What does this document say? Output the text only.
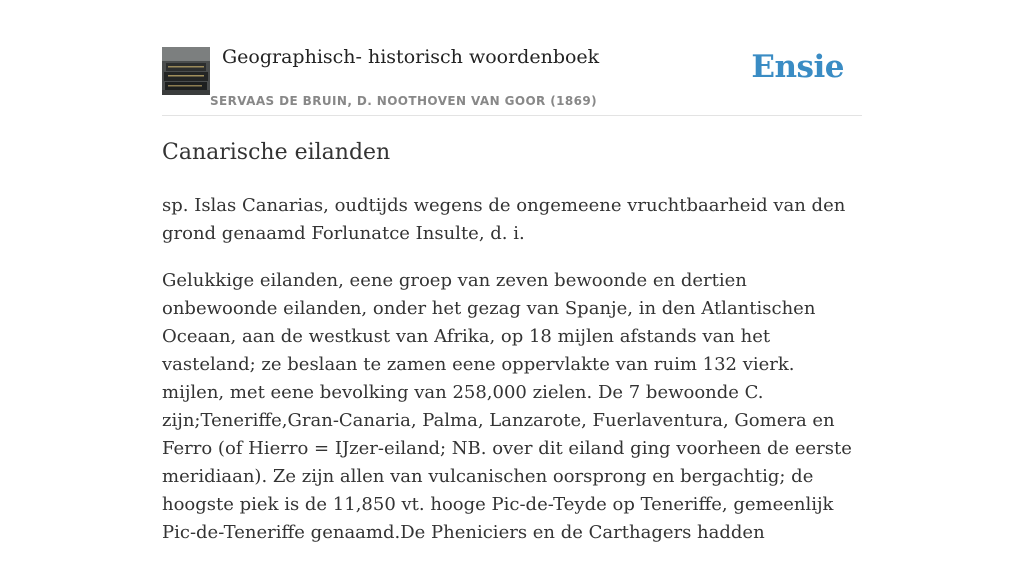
Geographisch- historisch woordenboek
SERVAAS DE BRUIN, D. NOOTHOVEN VAN GOOR (1869)
Ensie
Canarische eilanden

sp. Islas Canarias, oudtijds wegens de ongemeene vruchtbaarheid van den grond genaamd Forlunatce Insulte, d. i.

Gelukkige eilanden, eene groep van zeven bewoonde en dertien onbewoonde eilanden, onder het gezag van Spanje, in den Atlantischen Oceaan, aan de westkust van Afrika, op 18 mijlen afstands van het vasteland; ze beslaan te zamen eene oppervlakte van ruim 132 vierk. mijlen, met eene bevolking van 258,000 zielen. De 7 bewoonde C. zijn;Teneriffe,Gran-Canaria, Palma, Lanzarote, Fuerlaventura, Gomera en Ferro (of Hierro = IJzer-eiland; NB. over dit eiland ging voorheen de eerste meridiaan). Ze zijn allen van vulcanischen oorsprong en bergachtig; de hoogste piek is de 11,850 vt. hooge Pic-de-Teyde op Teneriffe, gemeenlijk Pic-de-Teneriffe genaamd.De Pheniciers en de Carthagers hadden
